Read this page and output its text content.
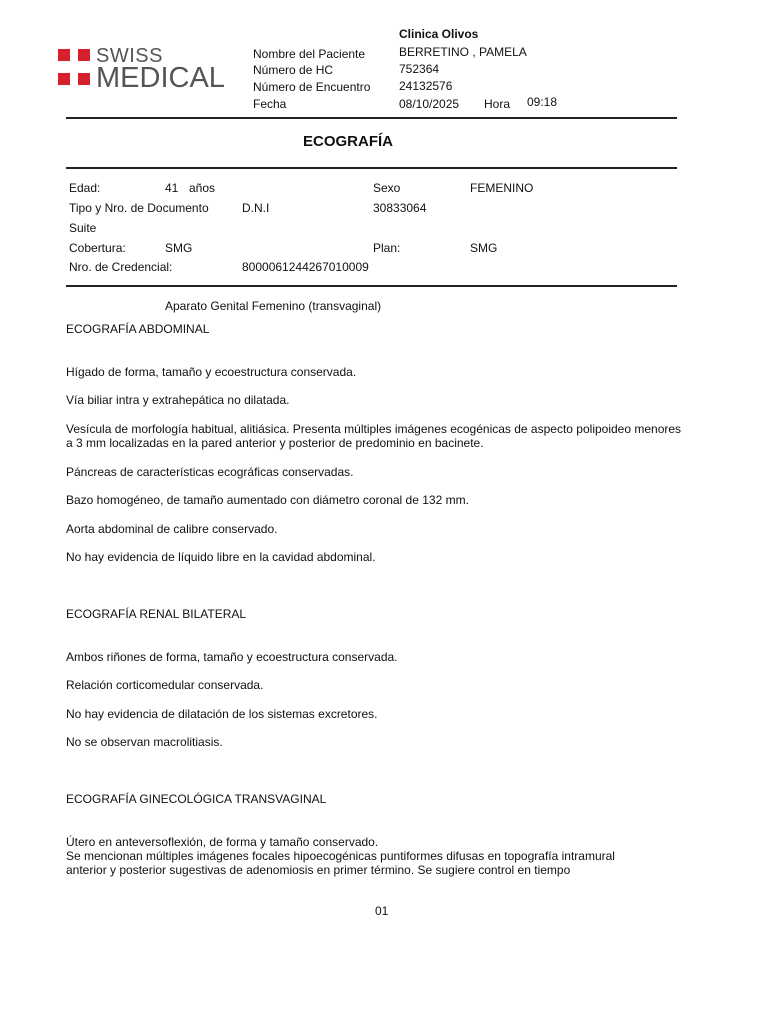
SWISS
MEDICAL
Clinica Olivos
Nombre del Paciente	BERRETINO , PAMELA
Número de HC	752364
Número de Encuentro 24132576
Fecha	08/10/2025 Hora 09:18
ECOGRAFÍA
Edad:	41 años	Sexo	FEMENINO
Tipo y Nro. de Documento	D.N.I	30833064
Suite
Cobertura:	SMG	Plan:	SMG
Nro. de Credencial:	8000061244267010009
Aparato Genital Femenino (transvaginal)
ECOGRAFÍA ABDOMINAL
Hígado de forma, tamaño y ecoestructura conservada.
Vía biliar intra y extrahepática no dilatada.
Vesícula de morfología habitual, alitiásica. Presenta múltiples imágenes ecogénicas de aspecto polipoideo menores a 3 mm localizadas en la pared anterior y posterior de predominio en bacinete.
Páncreas de características ecográficas conservadas.
Bazo homogéneo, de tamaño aumentado con diámetro coronal de 132 mm.
Aorta abdominal de calibre conservado.
No hay evidencia de líquido libre en la cavidad abdominal.
ECOGRAFÍA RENAL BILATERAL
Ambos riñones de forma, tamaño y ecoestructura conservada.
Relación corticomedular conservada.
No hay evidencia de dilatación de los sistemas excretores.
No se observan macrolitiasis.
ECOGRAFÍA GINECOLÓGICA TRANSVAGINAL
Útero en anteversoflexión, de forma y tamaño conservado.
Se mencionan múltiples imágenes focales hipoecogénicas puntiformes difusas en topografía intramural anterior y posterior sugestivas de adenomiosis en primer término. Se sugiere control en tiempo
01
